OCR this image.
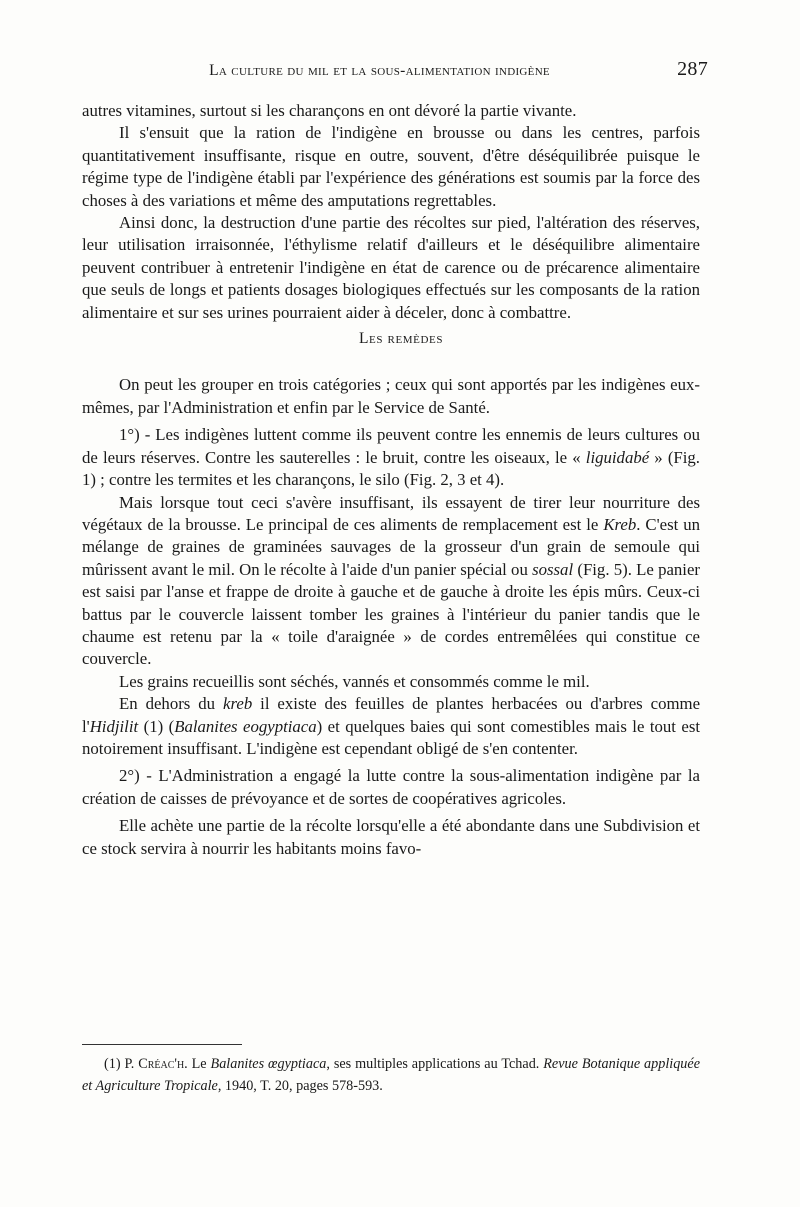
La culture du mil et la sous-alimentation indigène	287

autres vitamines, surtout si les charançons en ont dévoré la partie vivante.

Il s'ensuit que la ration de l'indigène en brousse ou dans les centres, parfois quantitativement insuffisante, risque en outre, souvent, d'être déséquilibrée puisque le régime type de l'indigène établi par l'expérience des générations est soumis par la force des choses à des variations et même des amputations regrettables.

Ainsi donc, la destruction d'une partie des récoltes sur pied, l'altération des réserves, leur utilisation irraisonnée, l'éthylisme relatif d'ailleurs et le déséquilibre alimentaire peuvent contribuer à entretenir l'indigène en état de carence ou de précarence alimentaire que seuls de longs et patients dosages biologiques effectués sur les composants de la ration alimentaire et sur ses urines pourraient aider à déceler, donc à combattre.

Les remèdes

On peut les grouper en trois catégories ; ceux qui sont apportés par les indigènes eux-mêmes, par l'Administration et enfin par le Service de Santé.

1°) - Les indigènes luttent comme ils peuvent contre les ennemis de leurs cultures ou de leurs réserves. Contre les sauterelles : le bruit, contre les oiseaux, le « liguidabé » (Fig. 1) ; contre les termites et les charançons, le silo (Fig. 2, 3 et 4).

Mais lorsque tout ceci s'avère insuffisant, ils essayent de tirer leur nourriture des végétaux de la brousse. Le principal de ces aliments de remplacement est le Kreb. C'est un mélange de graines de graminées sauvages de la grosseur d'un grain de semoule qui mûrissent avant le mil. On le récolte à l'aide d'un panier spécial ou sossal (Fig. 5). Le panier est saisi par l'anse et frappe de droite à gauche et de gauche à droite les épis mûrs. Ceux-ci battus par le couvercle laissent tomber les graines à l'intérieur du panier tandis que le chaume est retenu par la « toile d'araignée » de cordes entremêlées qui constitue ce couvercle.

Les grains recueillis sont séchés, vannés et consommés comme le mil.

En dehors du kreb il existe des feuilles de plantes herbacées ou d'arbres comme l'Hidjilit (1) (Balanites eogyptiaca) et quelques baies qui sont comestibles mais le tout est notoirement insuffisant. L'indigène est cependant obligé de s'en contenter.

2°) - L'Administration a engagé la lutte contre la sous-alimentation indigène par la création de caisses de prévoyance et de sortes de coopératives agricoles.

Elle achète une partie de la récolte lorsqu'elle a été abondante dans une Subdivision et ce stock servira à nourrir les habitants moins favo-

(1) P. Créac'h. Le Balanites œgyptiaca, ses multiples applications au Tchad. Revue Botanique appliquée et Agriculture Tropicale, 1940, T. 20, pages 578-593.
